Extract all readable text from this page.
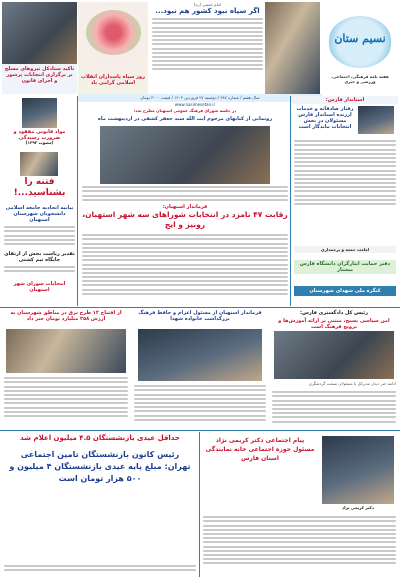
تاکید ستادکل نیروهای مسلح بر برگزاری انتخابات پرشور و اجرای قانون
روز سپاه پاسداران انقلاب اسلامی گرامی باد
امام خمینی (ره)
اگر سپاه نبود کشور هم نبود...
نسیم ستان
هفته نامه فرهنگی، اجتماعی، ورزشی و خبری
سال هفتم / شماره ۲۸۷ / دوشنبه ۲۷ فروردین ۱۴۰۳ / قیمت ۳۰۰۰ تومان
www.nasimesetan.ir
مواد قانونی مفقود و ضرورت رسیدگی
(مصوب ۱۳۹۳)
فتنه را
بشناسید...!
بیانیه اتحادیه جامعه اسلامی دانشجویان شهرستان استهبان
تقدیر ریاست بخش از ارتقای جایگاه تیم کشتی
انتخابات شورای شهر استهبان
در جلسه شورای فرهنگ عمومی استهبان مطرح شد:
رونمایی از کتابهای مرحوم آیت الله سید جعفر کشفی در اردیبهشت ماه
فرماندار استهبان:
رقابت ۴۷ نامزد در انتخابات شوراهای سه شهر استهبان، رونیز و ایج
استاندار فارس:
رفتار صادقانه و خدمات ارزنده استاندار فارس مسئولان در بخش انتخابات ماندگار است
امامت جمعه و پرچمداری
دفتر حمایت ایثارگران دانشگاه فارس پیشتاز
کنگره ملی شهدای شهرستان
از افتتاح ۱۲ طرح برق در مناطق شهرستان به ارزش ۳۵۸ میلیارد تومان خبر داد
فرماندار استهبان از مسئول اعزام و حافظ فرهنگ بزرگداشت خانواده شهدا
رئیس کل دادگستری فارس:
امن سیاسی بسیج، مبتنی بر ارائه آموزش‌ها و ترویج فرهنگ است
ادامه خبر دیدار مدیرکل با مسئولان صنعت گردشگری
حداقل عیدی بازنشستگان ۴.۵ میلیون اعلام شد
رئیس کانون بازنشستگان تامین اجتماعی تهران: مبلغ پایه عیدی بازنشستگان ۴ میلیون و ۵۰۰ هزار تومان است
پیام اجتماعی دکتر کریمی نژاد مسئول حوزه اجتماعی خانه نمایندگی استان فارس
دکتر کریمی نژاد
